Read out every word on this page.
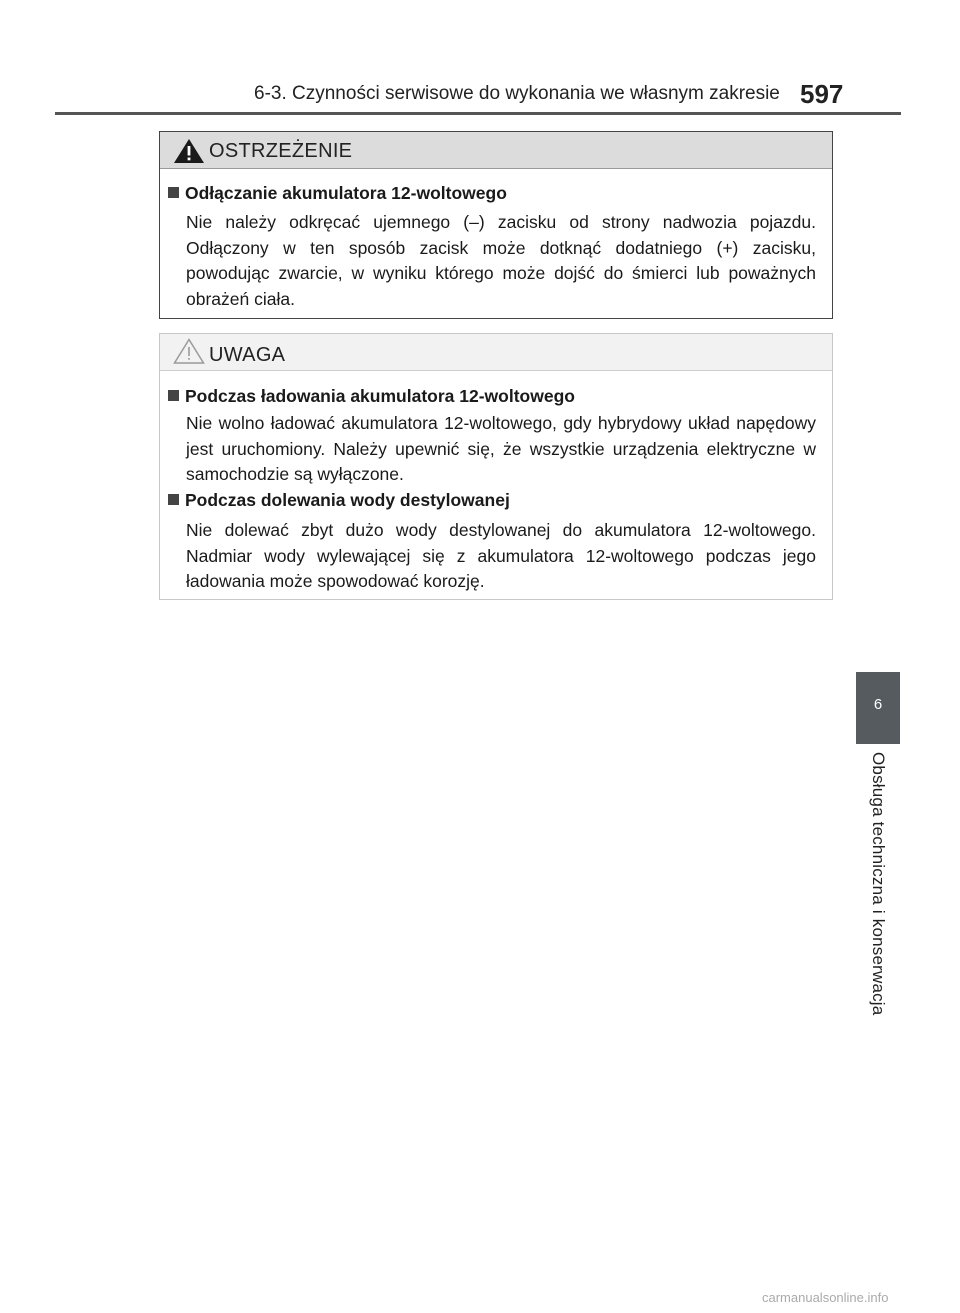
6-3. Czynności serwisowe do wykonania we własnym zakresie 597
OSTRZEŻENIE
Odłączanie akumulatora 12-woltowego
Nie należy odkręcać ujemnego (–) zacisku od strony nadwozia pojazdu. Odłączony w ten sposób zacisk może dotknąć dodatniego (+) zacisku, powodując zwarcie, w wyniku którego może dojść do śmierci lub poważnych obrażeń ciała.
UWAGA
Podczas ładowania akumulatora 12-woltowego
Nie wolno ładować akumulatora 12-woltowego, gdy hybrydowy układ napędowy jest uruchomiony. Należy upewnić się, że wszystkie urządzenia elektryczne w samochodzie są wyłączone.
Podczas dolewania wody destylowanej
Nie dolewać zbyt dużo wody destylowanej do akumulatora 12-woltowego. Nadmiar wody wylewającej się z akumulatora 12-woltowego podczas jego ładowania może spowodować korozję.
6
Obsługa techniczna i konserwacja
carmanualsonline.info
